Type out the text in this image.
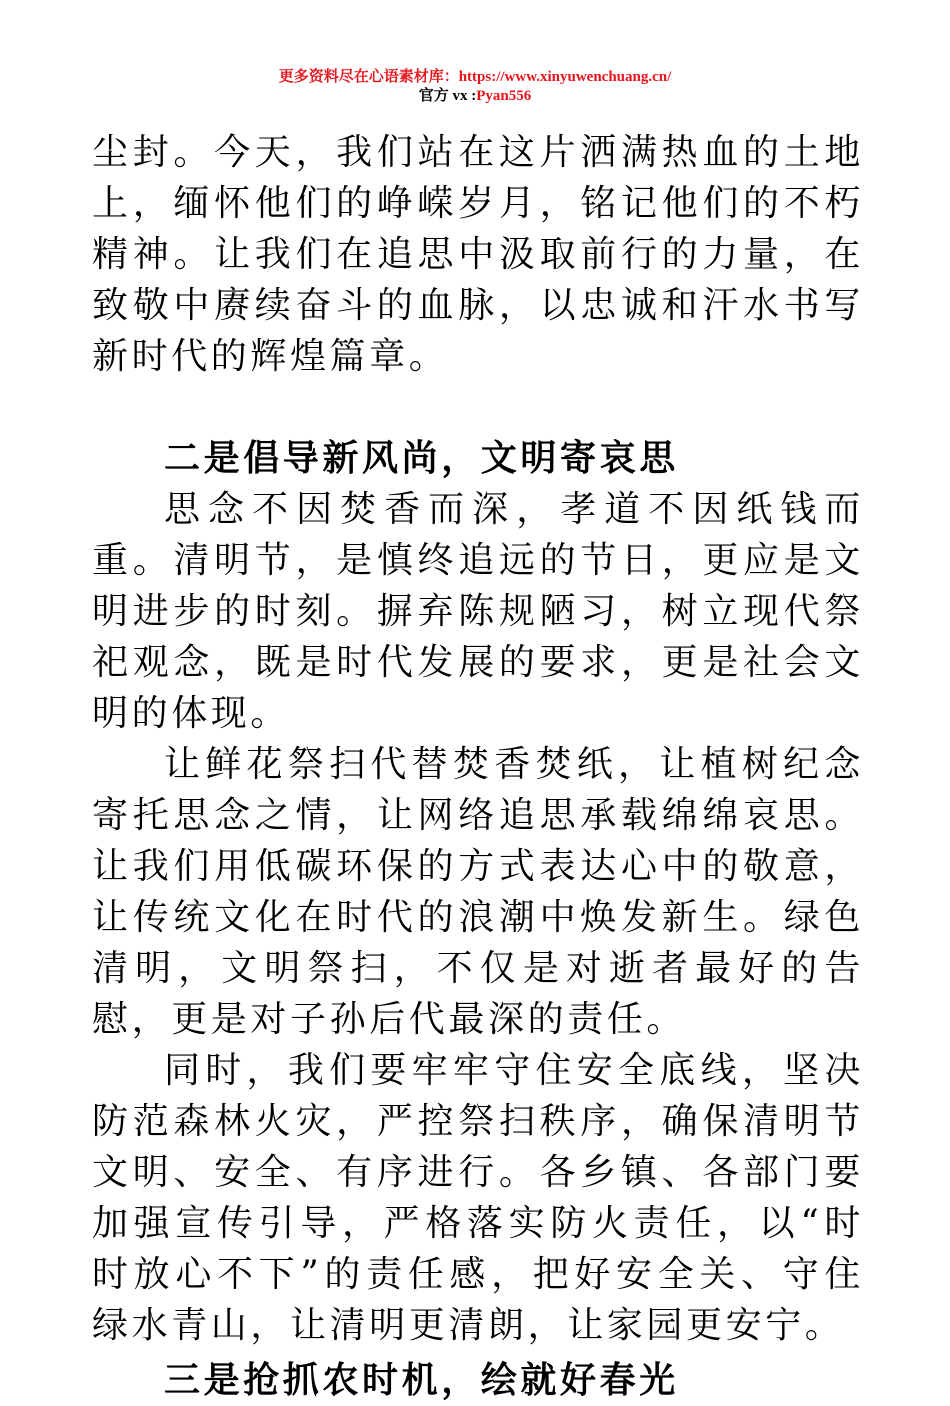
更多资料尽在心语素材库：https://www.xinyuwenchuang.cn/
官方 vx :Pyan556

尘封。今天，我们站在这片洒满热血的土地上，缅怀他们的峥嵘岁月，铭记他们的不朽精神。让我们在追思中汲取前行的力量，在致敬中赓续奋斗的血脉，以忠诚和汗水书写新时代的辉煌篇章。

二是倡导新风尚，文明寄哀思

思念不因焚香而深，孝道不因纸钱而重。清明节，是慎终追远的节日，更应是文明进步的时刻。摒弃陈规陋习，树立现代祭祀观念，既是时代发展的要求，更是社会文明的体现。

让鲜花祭扫代替焚香焚纸，让植树纪念寄托思念之情，让网络追思承载绵绵哀思。让我们用低碳环保的方式表达心中的敬意，让传统文化在时代的浪潮中焕发新生。绿色清明，文明祭扫，不仅是对逝者最好的告慰，更是对子孙后代最深的责任。

同时，我们要牢牢守住安全底线，坚决防范森林火灾，严控祭扫秩序，确保清明节文明、安全、有序进行。各乡镇、各部门要加强宣传引导，严格落实防火责任，以“时时放心不下”的责任感，把好安全关、守住绿水青山，让清明更清朗，让家园更安宁。

三是抢抓农时机，绘就好春光
